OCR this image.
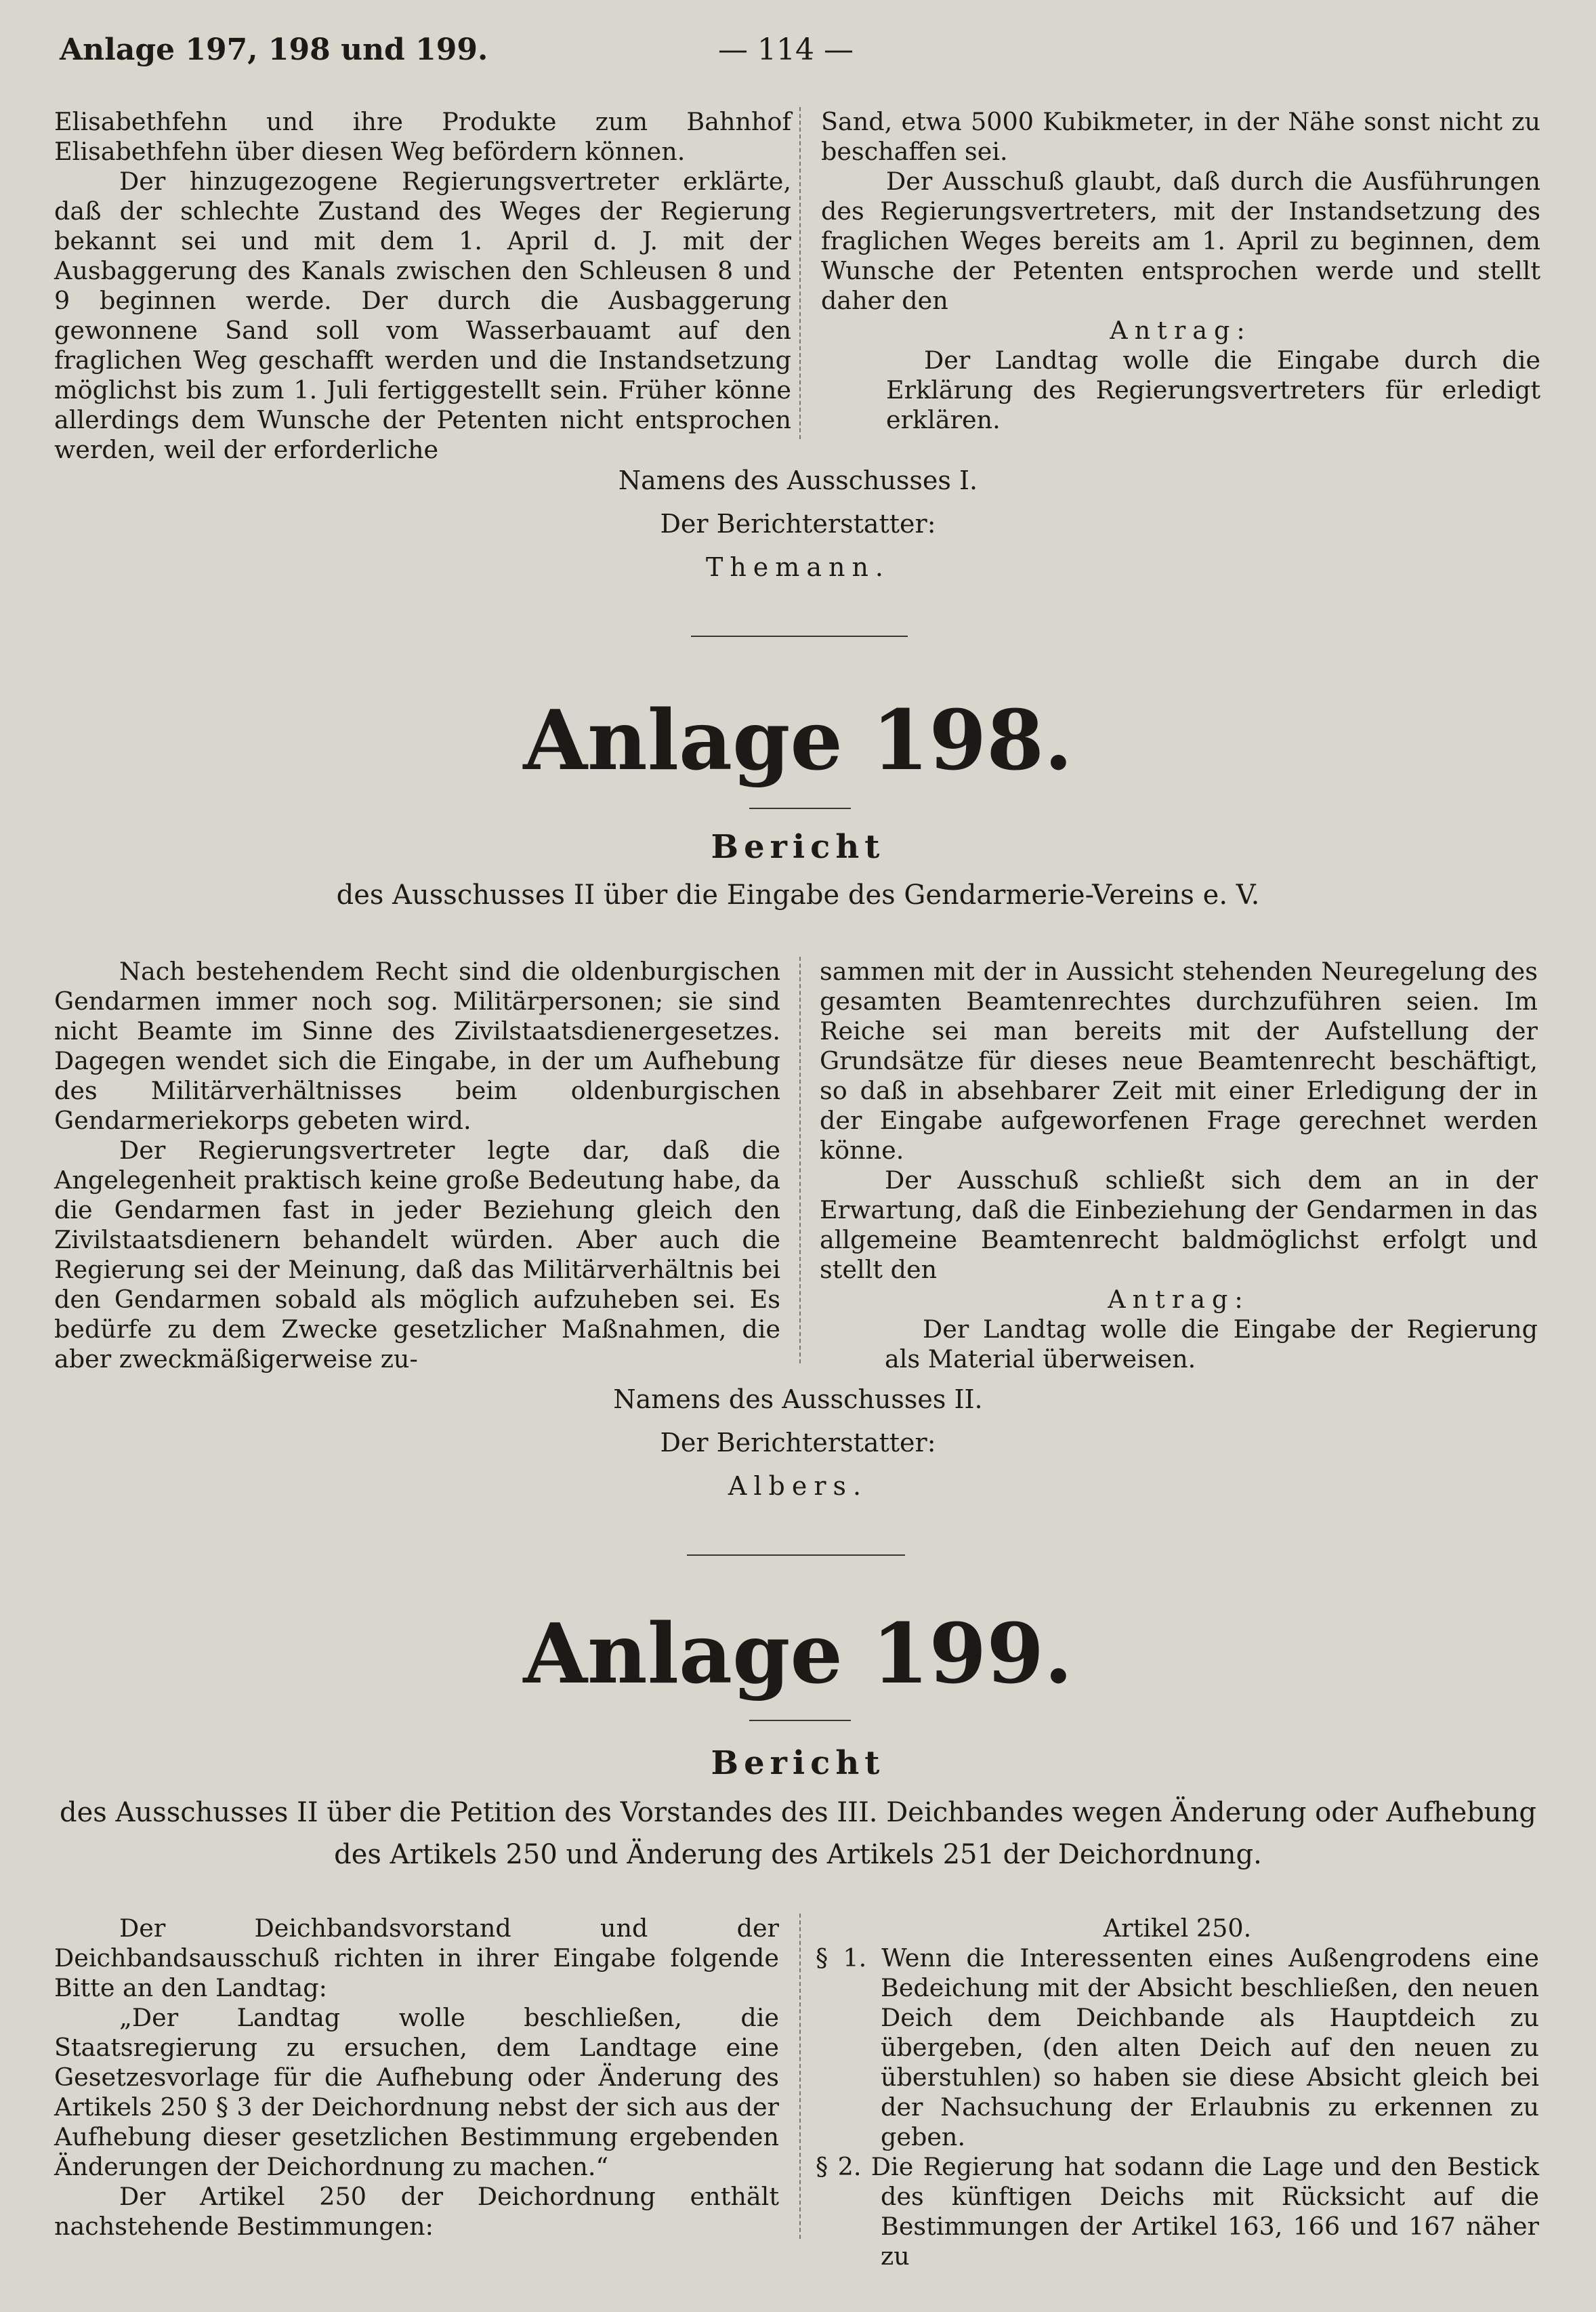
Anlage 197, 198 und 199.	— 114 —

Elisabethfehn und ihre Produkte zum Bahnhof Elisabethfehn über diesen Weg befördern können.

Der hinzugezogene Regierungsvertreter erklärte, daß der schlechte Zustand des Weges der Regierung bekannt sei und mit dem 1. April d. J. mit der Ausbaggerung des Kanals zwischen den Schleusen 8 und 9 beginnen werde. Der durch die Ausbaggerung gewonnene Sand soll vom Wasserbauamt auf den fraglichen Weg geschafft werden und die Instandsetzung möglichst bis zum 1. Juli fertiggestellt sein. Früher könne allerdings dem Wunsche der Petenten nicht entsprochen werden, weil der erforderliche

Sand, etwa 5000 Kubikmeter, in der Nähe sonst nicht zu beschaffen sei.

Der Ausschuß glaubt, daß durch die Ausführungen des Regierungsvertreters, mit der Instandsetzung des fraglichen Weges bereits am 1. April zu beginnen, dem Wunsche der Petenten entsprochen werde und stellt daher den

Antrag:

Der Landtag wolle die Eingabe durch die Erklärung des Regierungsvertreters für erledigt erklären.

Namens des Ausschusses I.
Der Berichterstatter:
Themann.
Anlage 198.
Bericht
des Ausschusses II über die Eingabe des Gendarmerie-Vereins e. V.

Nach bestehendem Recht sind die oldenburgischen Gendarmen immer noch sog. Militärpersonen; sie sind nicht Beamte im Sinne des Zivilstaatsdienergesetzes. Dagegen wendet sich die Eingabe, in der um Aufhebung des Militärverhältnisses beim oldenburgischen Gendarmeriekorps gebeten wird.

Der Regierungsvertreter legte dar, daß die Angelegenheit praktisch keine große Bedeutung habe, da die Gendarmen fast in jeder Beziehung gleich den Zivilstaatsdienern behandelt würden. Aber auch die Regierung sei der Meinung, daß das Militärverhältnis bei den Gendarmen sobald als möglich aufzuheben sei. Es bedürfe zu dem Zwecke gesetzlicher Maßnahmen, die aber zweckmäßigerweise zu-

sammen mit der in Aussicht stehenden Neuregelung des gesamten Beamtenrechtes durchzuführen seien. Im Reiche sei man bereits mit der Aufstellung der Grundsätze für dieses neue Beamtenrecht beschäftigt, so daß in absehbarer Zeit mit einer Erledigung der in der Eingabe aufgeworfenen Frage gerechnet werden könne.

Der Ausschuß schließt sich dem an in der Erwartung, daß die Einbeziehung der Gendarmen in das allgemeine Beamtenrecht baldmöglichst erfolgt und stellt den

Antrag:

Der Landtag wolle die Eingabe der Regierung als Material überweisen.

Namens des Ausschusses II.
Der Berichterstatter:
Albers.
Anlage 199.
Bericht
des Ausschusses II über die Petition des Vorstandes des III. Deichbandes wegen Änderung oder Aufhebung
des Artikels 250 und Änderung des Artikels 251 der Deichordnung.

Der Deichbandsvorstand und der Deichbandsausschuß richten in ihrer Eingabe folgende Bitte an den Landtag:

„Der Landtag wolle beschließen, die Staatsregierung zu ersuchen, dem Landtage eine Gesetzesvorlage für die Aufhebung oder Änderung des Artikels 250 § 3 der Deichordnung nebst der sich aus der Aufhebung dieser gesetzlichen Bestimmung ergebenden Änderungen der Deichordnung zu machen.“

Der Artikel 250 der Deichordnung enthält nachstehende Bestimmungen:

Artikel 250.

§ 1. Wenn die Interessenten eines Außengrodens eine Bedeichung mit der Absicht beschließen, den neuen Deich dem Deichbande als Hauptdeich zu übergeben, (den alten Deich auf den neuen zu überstuhlen) so haben sie diese Absicht gleich bei der Nachsuchung der Erlaubnis zu erkennen zu geben.

§ 2. Die Regierung hat sodann die Lage und den Bestick des künftigen Deichs mit Rücksicht auf die Bestimmungen der Artikel 163, 166 und 167 näher zu
